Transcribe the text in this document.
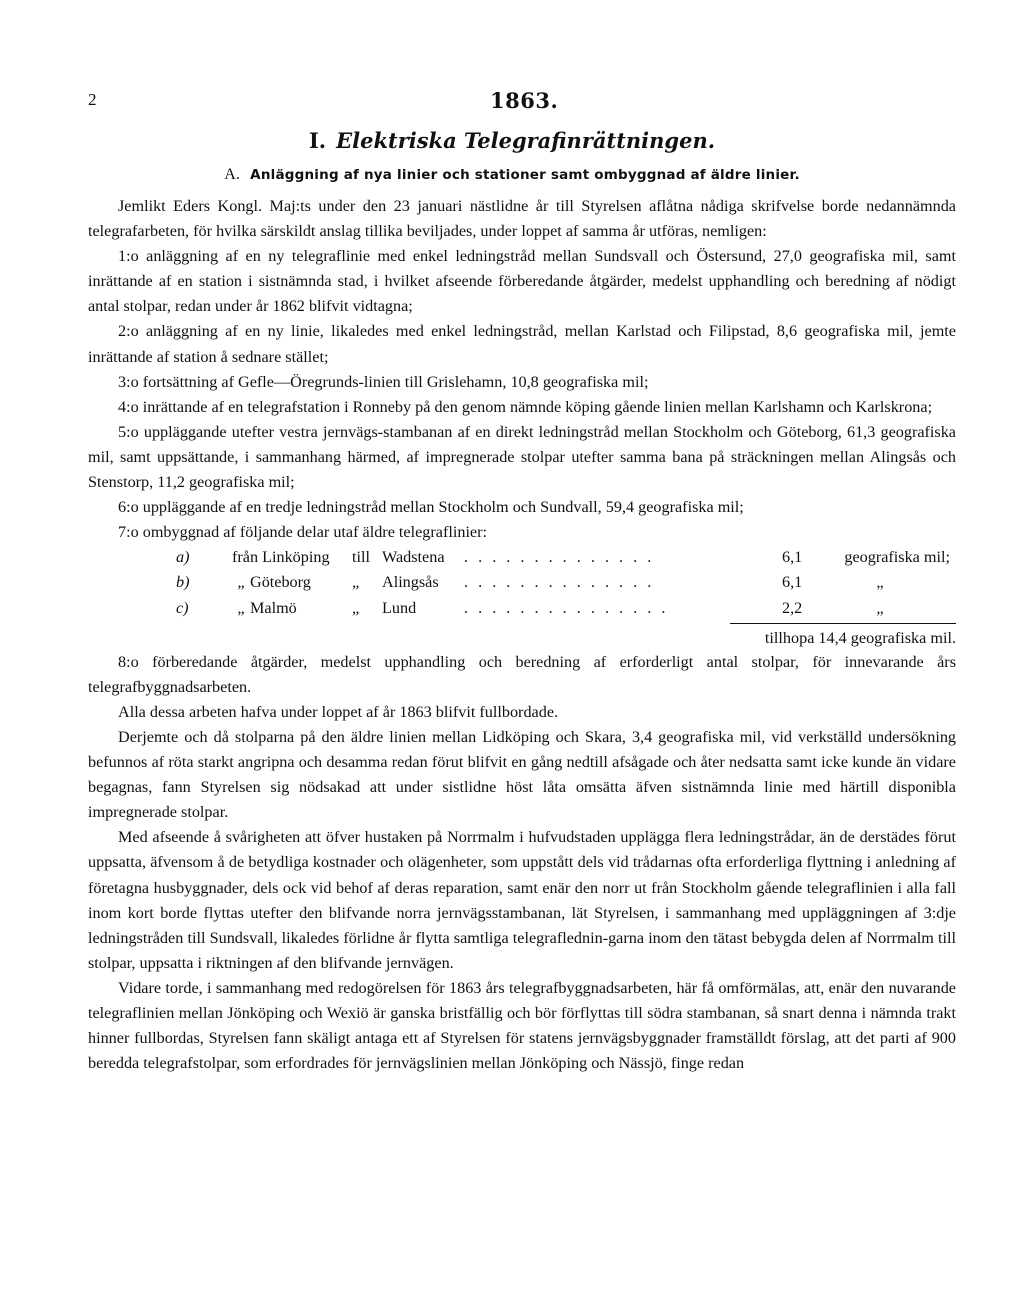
2	1863.
I. Elektriska Telegrafinrättningen.
A. Anläggning af nya linier och stationer samt ombyggnad af äldre linier.

Jemlikt Eders Kongl. Maj:ts under den 23 januari nästlidne år till Styrelsen aflåtna nådiga skrifvelse borde nedannämnda telegrafarbeten, för hvilka särskildt anslag tillika beviljades, under loppet af samma år utföras, nemligen:

1:o anläggning af en ny telegraflinie med enkel ledningstråd mellan Sundsvall och Östersund, 27,0 geografiska mil, samt inrättande af en station i sistnämnda stad, i hvilket afseende förberedande åtgärder, medelst upphandling och beredning af nödigt antal stolpar, redan under år 1862 blifvit vidtagna;

2:o anläggning af en ny linie, likaledes med enkel ledningstråd, mellan Karlstad och Filipstad, 8,6 geografiska mil, jemte inrättande af station å sednare stället;

3:o fortsättning af Gefle—Öregrunds-linien till Grislehamn, 10,8 geografiska mil;

4:o inrättande af en telegrafstation i Ronneby på den genom nämnde köping gående linien mellan Karlshamn och Karlskrona;

5:o uppläggande utefter vestra jernvägs-stambanan af en direkt ledningstråd mellan Stockholm och Göteborg, 61,3 geografiska mil, samt uppsättande, i sammanhang härmed, af impregnerade stolpar utefter samma bana på sträckningen mellan Alingsås och Stenstorp, 11,2 geografiska mil;

6:o uppläggande af en tredje ledningstråd mellan Stockholm och Sundvall, 59,4 geografiska mil;

7:o ombyggnad af följande delar utaf äldre telegraflinier:

a)	från Linköping	till Wadstena	. . . . . . . . . . . . . .	6,1	geografiska mil;
b)	„ Göteborg	„	Alingsås	. . . . . . . . . . . . . .	6,1	„
c)	„ Malmö	„	Lund	. . . . . . . . . . . . . . .	2,2	„
tillhopa 14,4 geografiska mil.

8:o förberedande åtgärder, medelst upphandling och beredning af erforderligt antal stolpar, för innevarande års telegrafbyggnadsarbeten.

Alla dessa arbeten hafva under loppet af år 1863 blifvit fullbordade.

Derjemte och då stolparna på den äldre linien mellan Lidköping och Skara, 3,4 geografiska mil, vid verkställd undersökning befunnos af röta starkt angripna och desamma redan förut blifvit en gång nedtill afsågade och åter nedsatta samt icke kunde än vidare begagnas, fann Styrelsen sig nödsakad att under sistlidne höst låta omsätta äfven sistnämnda linie med härtill disponibla impregnerade stolpar.

Med afseende å svårigheten att öfver hustaken på Norrmalm i hufvudstaden upplägga flera ledningstrådar, än de derstädes förut uppsatta, äfvensom å de betydliga kostnader och olägenheter, som uppstått dels vid trådarnas ofta erforderliga flyttning i anledning af företagna husbyggnader, dels ock vid behof af deras reparation, samt enär den norr ut från Stockholm gående telegraflinien i alla fall inom kort borde flyttas utefter den blifvande norra jernvägsstambanan, lät Styrelsen, i sammanhang med uppläggningen af 3:dje ledningstråden till Sundsvall, likaledes förlidne år flytta samtliga telegraflednin-garna inom den tätast bebygda delen af Norrmalm till stolpar, uppsatta i riktningen af den blifvande jernvägen.

Vidare torde, i sammanhang med redogörelsen för 1863 års telegrafbyggnadsarbeten, här få omförmälas, att, enär den nuvarande telegraflinien mellan Jönköping och Wexiö är ganska bristfällig och bör förflyttas till södra stambanan, så snart denna i nämnda trakt hinner fullbordas, Styrelsen fann skäligt antaga ett af Styrelsen för statens jernvägsbyggnader framställdt förslag, att det parti af 900 beredda telegrafstolpar, som erfordrades för jernvägslinien mellan Jönköping och Nässjö, finge redan
